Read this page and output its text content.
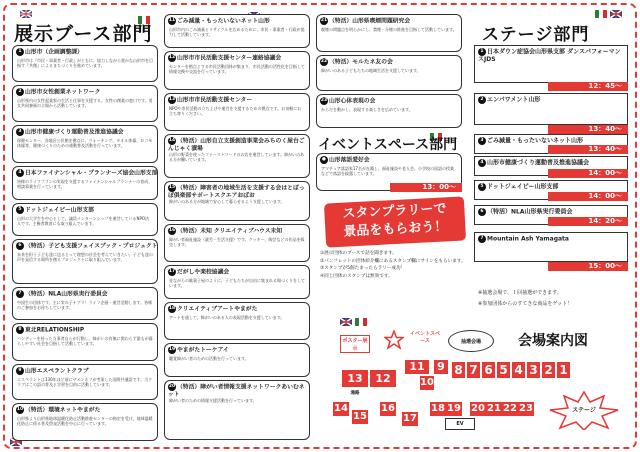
展示ブース部門
1 山形市（企画調整課）
山形市は『市民・事業者・行政』がともに、協力しながら豊かな山形市を目指す『共創』によるまちづくりを進めています。
2 山形市女性創業ネットワーク
山形県内の女性起業家の生活と仕事を支援する。女性の創業の窓口です。男女共同参画の立場から活動しています。
3 山形市健康づくり運動普及推進協議会
保健センター、各地区公民館を拠点に、ウォーキング、タオル体操、ロコモ体操等、健康づくりのための運動普及活動を行っています。
4 日本ファイナンシャル・プランナーズ協会山形支部
皆様のライフプランの実現を支援するファイナンシャルプランナーの育成、相談事業を行っています。
5 ドットジェイピー山形支部
山形の大学生を中心として、議員インターンシップを運営しているNPO法人です。主権者教育にも取り組んでいます。
6 （特活）子ども支援フェイスブック・プロジェクト
未来を担う子ども達に送るとって理想の社会を考えていきたい。子ども達の声を発信する場所を創るプロジェクトに取り組んでいます。
7 （特活）NLA山形県実行委員会
中国生の団体です。主に実の子ナブラ！ライフ企画・運営活動します。皆様のご参加をお待ちしています。
8 東北RELATIONSHIP
ハンディーを持った当事者自らが行動し、障がいの有無に関わらず誰もが暮らしやすい社会を目指して活動しています。
9 山形エスペラントクラブ
エスペラントは130年ほど前にザメンホフが考案した国際共通語です。当クラブはこの語の普及と学習を目的に活動しています。
10 （特活）環境ネットやまがた
山形県より山形県地球温暖化防止活動推進センターの指定を受け、地球温暖化防止に係る普及啓発活動を中心に行っています。
11 ごみ減量・もったいないネット山形
山形市内のごみ減量とリサイクルを広めるために、市民・事業者・行政が協力して活動しています。
12 山形市市民活動支援センター連絡協議会
センターを拠点とする市民活動団体が集まり、市民活動の活性化を目指して情報交換や交流を行っています。
13 山形市市民活動支援センター
NPOや市民活動の立ち上げや運営を支援するための拠点です。お気軽にお立ち寄りください。
14 （特活）山形自立支援創造事業会みちのく屋台ごんじゃく漬場
山形の野菜を使ったファーストフードのお店を運営しています。障がいのある方が働いています。
15 （特活）障害者の地域生活を支援する会はとぽっぽ倶楽部サポートスクエアおばお
障がいのある方が地域で安心して暮らせるよう支援しています。
16 （特活）未知 クリエイティブハウス未知
障がい者福祉施設（就労・生活支援）です。クッキー、陶芸などの作品を販売します。
17 だがしや楽校協議会
昔ながらの駄菓子屋のように、子どもたちが自由に集まれる場づくりをしています。
18 クリエイティブアートやまがた
アートを通して、障がいのある人の表現活動を支援しています。
19 やまがたトーケアイ
聴覚障がい者のための活動を行っています。
20 （特活）障がい者情報支援ネットワークあいむネット
障がい者のための情報支援活動を行っています。
21 （特活）山形県喫煙問題研究会
喫煙の問題点を明らかにし、禁煙・分煙の推進を目指して活動しています。
22 （特活）モルたネ友の会
障がいのある子どもたちの地域生活を支援しています。
23 山形心体表現の会
からだを動かし、表現する楽しさを広めています。
イベントスペース部門
● 山形落語愛好会
アマチュア落語家17名が在籍し、福祉施設や老人会、小学校の国語の授業などで落語を披露しています。
13：00～
スタンプラリーで
景品をもらおう！
①展示団体のブースで話を聞きます。
②パンフレットの団体紹介欄にあるスタンプ欄にサインをもらいます。
③スタンプが5個たまったらラリー成功！
④同じ団体のスタンプは無効です。
ステージ部門
1 日本ダウン症協会山形県支部 ダンスパフォーマンスJDS
12：45～
2 エンパワメント山形
13：40～
3 ごみ減量・もったいないネット山形
13：40～
4 山形市健康づくり運動普及推進協議会
14：00～
5 ドットジェイピー山形支部
14：00～
6 （特活）NLA山形県実行委員会
14：20～
7 Mountain Ash Yamagata
15：00～
※抽選会場で、１回抽選ができます。
※参加団体からのすてきな商品をゲット！
会場案内図
ポスター展示
イベントスペース	抽選会場
13	12
11
10
9 8 7 6 5 4 3 2 1
通路
14
15
16
17
18 19 20 21 22 23
EV
ステージ
